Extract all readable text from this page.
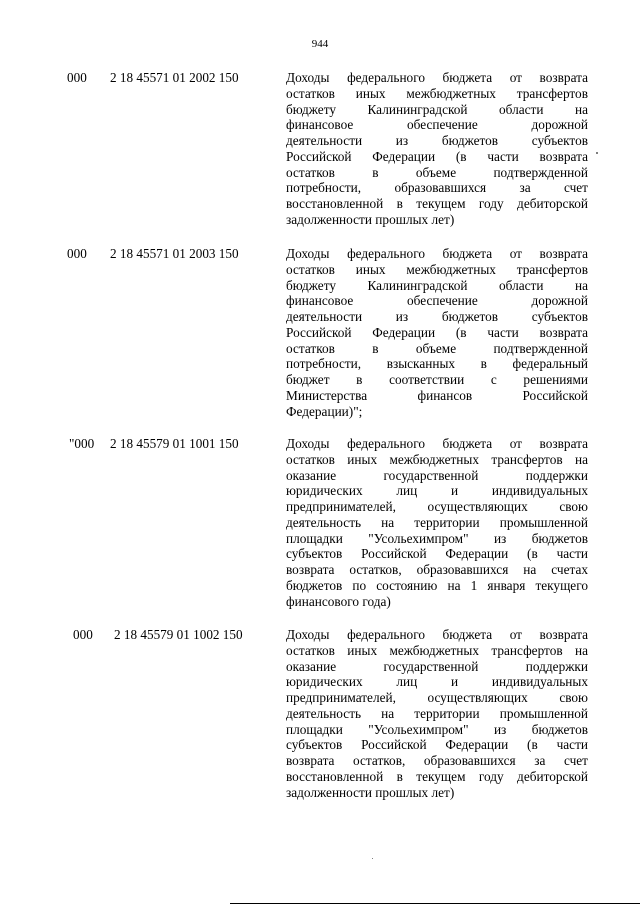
944
000 2 18 45571 01 2002 150	Доходы федерального бюджета от возврата
остатков иных межбюджетных трансфертов
бюджету Калининградской области на
финансовое обеспечение дорожной
деятельности из бюджетов субъектов
Российской Федерации (в части возврата
остатков в объеме подтвержденной
потребности, образовавшихся за счет
восстановленной в текущем году дебиторской
задолженности прошлых лет)
000 2 18 45571 01 2003 150	Доходы федерального бюджета от возврата
остатков иных межбюджетных трансфертов
бюджету Калининградской области на
финансовое обеспечение дорожной
деятельности из бюджетов субъектов
Российской Федерации (в части возврата
остатков в объеме подтвержденной
потребности, взысканных в федеральный
бюджет в соответствии с решениями
Министерства финансов Российской
Федерации)";
"000 2 18 45579 01 1001 150	Доходы федерального бюджета от возврата
остатков иных межбюджетных трансфертов на
оказание государственной поддержки
юридических лиц и индивидуальных
предпринимателей, осуществляющих свою
деятельность на территории промышленной
площадки "Усольехимпром" из бюджетов
субъектов Российской Федерации (в части
возврата остатков, образовавшихся на счетах
бюджетов по состоянию на 1 января текущего
финансового года)
000 2 18 45579 01 1002 150	Доходы федерального бюджета от возврата
остатков иных межбюджетных трансфертов на
оказание государственной поддержки
юридических лиц и индивидуальных
предпринимателей, осуществляющих свою
деятельность на территории промышленной
площадки "Усольехимпром" из бюджетов
субъектов Российской Федерации (в части
возврата остатков, образовавшихся за счет
восстановленной в текущем году дебиторской
задолженности прошлых лет)
